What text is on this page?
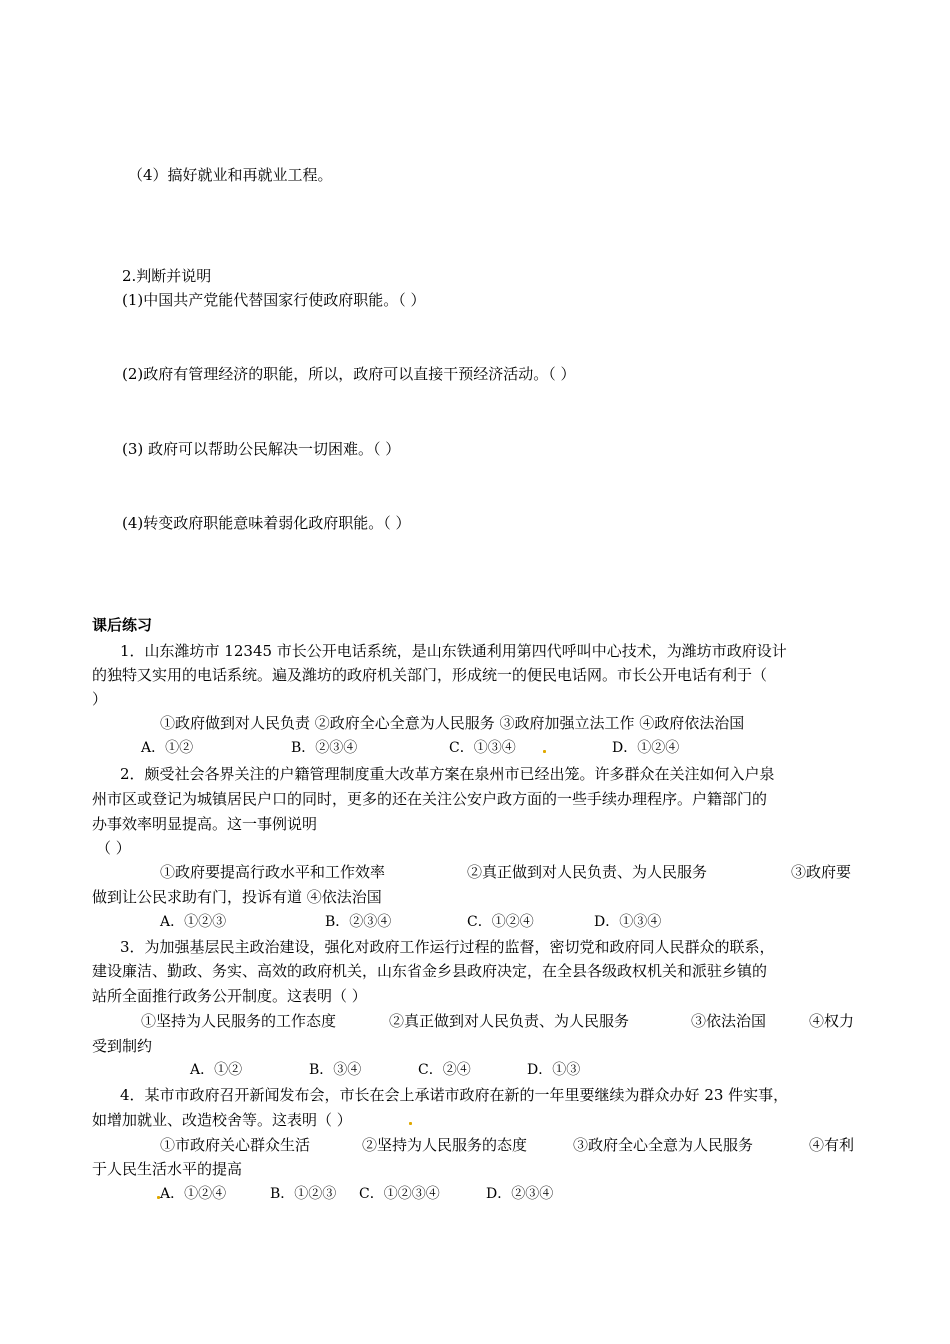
（4）搞好就业和再就业工程。
2.判断并说明
(1)中国共产党能代替国家行使政府职能。（ ）
(2)政府有管理经济的职能，所以，政府可以直接干预经济活动。（ ）
(3) 政府可以帮助公民解决一切困难。（ ）
(4)转变政府职能意味着弱化政府职能。（ ）
课后练习
1．山东潍坊市 12345 市长公开电话系统，是山东铁通利用第四代呼叫中心技术，为潍坊市政府设计
的独特又实用的电话系统。遍及潍坊的政府机关部门，形成统一的便民电话网。市长公开电话有利于（
）
①政府做到对人民负责 ②政府全心全意为人民服务 ③政府加强立法工作 ④政府依法治国
A．①②	B．②③④	C．①③④	D．①②④
2．颇受社会各界关注的户籍管理制度重大改革方案在泉州市已经出笼。许多群众在关注如何入户泉
州市区或登记为城镇居民户口的同时，更多的还在关注公安户政方面的一些手续办理程序。户籍部门的
办事效率明显提高。这一事例说明
（ ）
①政府要提高行政水平和工作效率	②真正做到对人民负责、为人民服务	③政府要
做到让公民求助有门，投诉有道 ④依法治国
A．①②③	B．②③④	C．①②④	D．①③④
3．为加强基层民主政治建设，强化对政府工作运行过程的监督，密切党和政府同人民群众的联系，
建设廉洁、勤政、务实、高效的政府机关，山东省金乡县政府决定，在全县各级政权机关和派驻乡镇的
站所全面推行政务公开制度。这表明（ ）
①坚持为人民服务的工作态度	②真正做到对人民负责、为人民服务	③依法治国	④权力
受到制约
A．①②	B．③④	C．②④	D．①③
4．某市市政府召开新闻发布会，市长在会上承诺市政府在新的一年里要继续为群众办好 23 件实事，
如增加就业、改造校舍等。这表明（ ）
①市政府关心群众生活	②坚持为人民服务的态度	③政府全心全意为人民服务	④有利
于人民生活水平的提高
A．①②④	B．①②③ C．①②③④	D．②③④
